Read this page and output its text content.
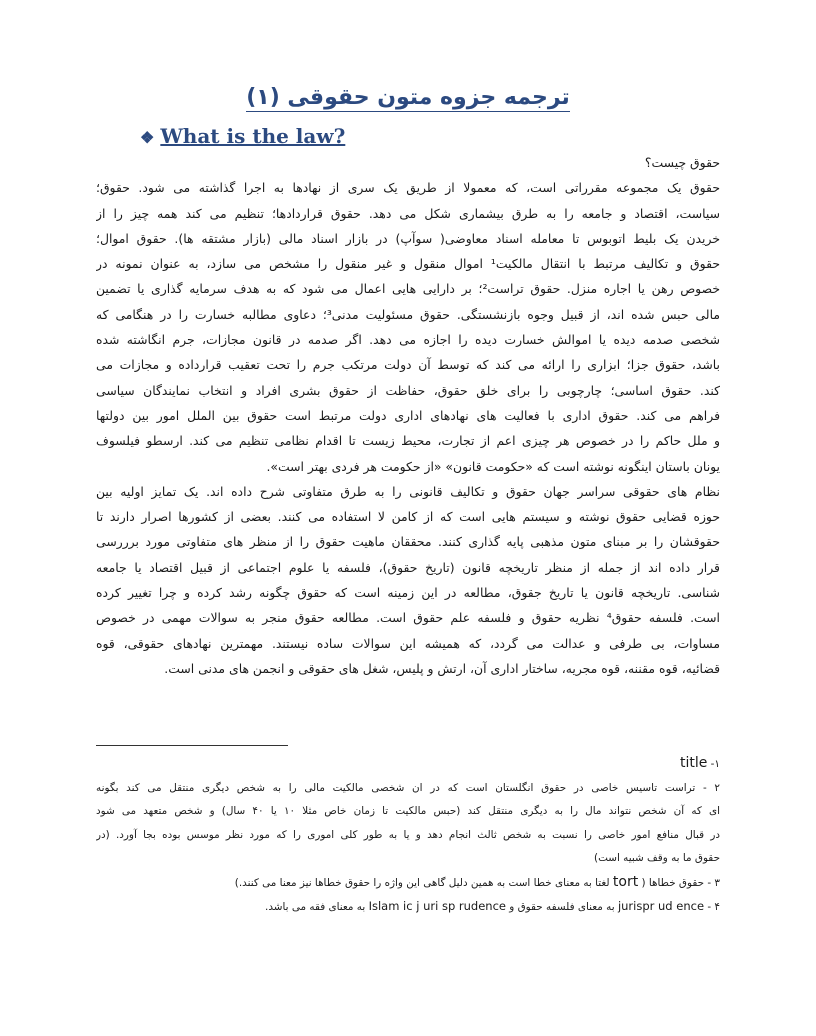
ترجمه جزوه متون حقوقی (۱)
❖ What is the law?
حقوق چیست؟
حقوق یک مجموعه مقرراتی است، که معمولا از طریق یک سری از نهادها به اجرا گذاشته می شود. حقوق؛
سیاست، اقتصاد و جامعه را به طرق بیشماری شکل می دهد. حقوق قراردادها؛ تنظیم می کند همه چیز را از
خریدن یک بلیط اتوبوس تا معامله اسناد معاوضی( سوآپ) در بازار اسناد مالی (بازار مشتقه ها). حقوق اموال؛
حقوق و تکالیف مرتبط با انتقال مالکیت¹ اموال منقول و غیر منقول را مشخص می سازد، به عنوان نمونه در
خصوص رهن یا اجاره منزل. حقوق تراست²؛ بر دارایی هایی اعمال می شود که به هدف سرمایه گذاری یا تضمین
مالی حبس شده اند، از قبیل وجوه بازنشستگی. حقوق مسئولیت مدنی³؛ دعاوی مطالبه خسارت را در هنگامی که
شخصی صدمه دیده یا اموالش خسارت دیده را اجازه می دهد. اگر صدمه در قانون مجازات، جرم انگاشته شده
باشد، حقوق جزا؛ ابزاری را ارائه می کند که توسط آن دولت مرتکب جرم را تحت تعقیب قرارداده و مجازات می
کند. حقوق اساسی؛ چارچوبی را برای خلق حقوق، حفاظت از حقوق بشری افراد و انتخاب نمایندگان سیاسی
فراهم می کند. حقوق اداری با فعالیت های نهادهای اداری دولت مرتبط است حقوق بین الملل امور بین دولتها
و ملل حاکم را در خصوص هر چیزی اعم از تجارت، محیط زیست تا اقدام نظامی تنظیم می کند. ارسطو فیلسوف
یونان باستان اینگونه نوشته است که «حکومت قانون» «از حکومت هر فردی بهتر است».
نظام های حقوقی سراسر جهان حقوق و تکالیف قانونی را به طرق متفاوتی شرح داده اند. یک تمایز اولیه بین
حوزه قضایی حقوق نوشته و سیستم هایی است که از کامن لا استفاده می کنند. بعضی از کشورها اصرار دارند تا
حقوقشان را بر مبنای متون مذهبی پایه گذاری کنند. محققان ماهیت حقوق را از منظر های متفاوتی مورد برررسی
قرار داده اند از جمله از منظر تاریخچه قانون (تاریخ حقوق)، فلسفه یا علوم اجتماعی از قبیل اقتصاد یا جامعه
شناسی. تاریخچه قانون یا تاریخ جقوق، مطالعه در این زمینه است که حقوق چگونه رشد کرده و چرا تغییر کرده
است. فلسفه حقوق⁴ نظریه حقوق و فلسفه علم حقوق است. مطالعه حقوق منجر به سوالات مهمی در خصوص
مساوات، بی طرفی و عدالت می گردد، که همیشه این سوالات ساده نیستند. مهمترین نهادهای حقوقی، قوه
قضائیه، قوه مقننه، قوه مجریه، ساختار اداری آن، ارتش و پلیس، شغل های حقوقی و انجمن های مدنی است.
۱- title
۲ - تراست تاسیس خاصی در حقوق انگلستان است که در ان شخصی مالکیت مالی را به شخص دیگری منتقل می کند بگونه
ای که آن شخص نتواند مال را به دیگری منتقل کند (حبس مالکیت تا زمان خاص مثلا ۱۰ یا ۴۰ سال) و شخص متعهد می شود
در قبال منافع امور خاصی را نسبت به شخص ثالث انجام دهد و یا به طور کلی اموری را که مورد نظر موسس بوده بجا آورد. (در
حقوق ما به وقف شبیه است)
۳ - حقوق خطاها ( tort لغتا به معنای خطا است به همین دلیل گاهی این واژه را حقوق خطاها نیز معنا می کنند.)
۴ - jurispr ud ence به معنای فلسفه حقوق و Islam ic j uri sp rudence به معنای فقه می باشد.
